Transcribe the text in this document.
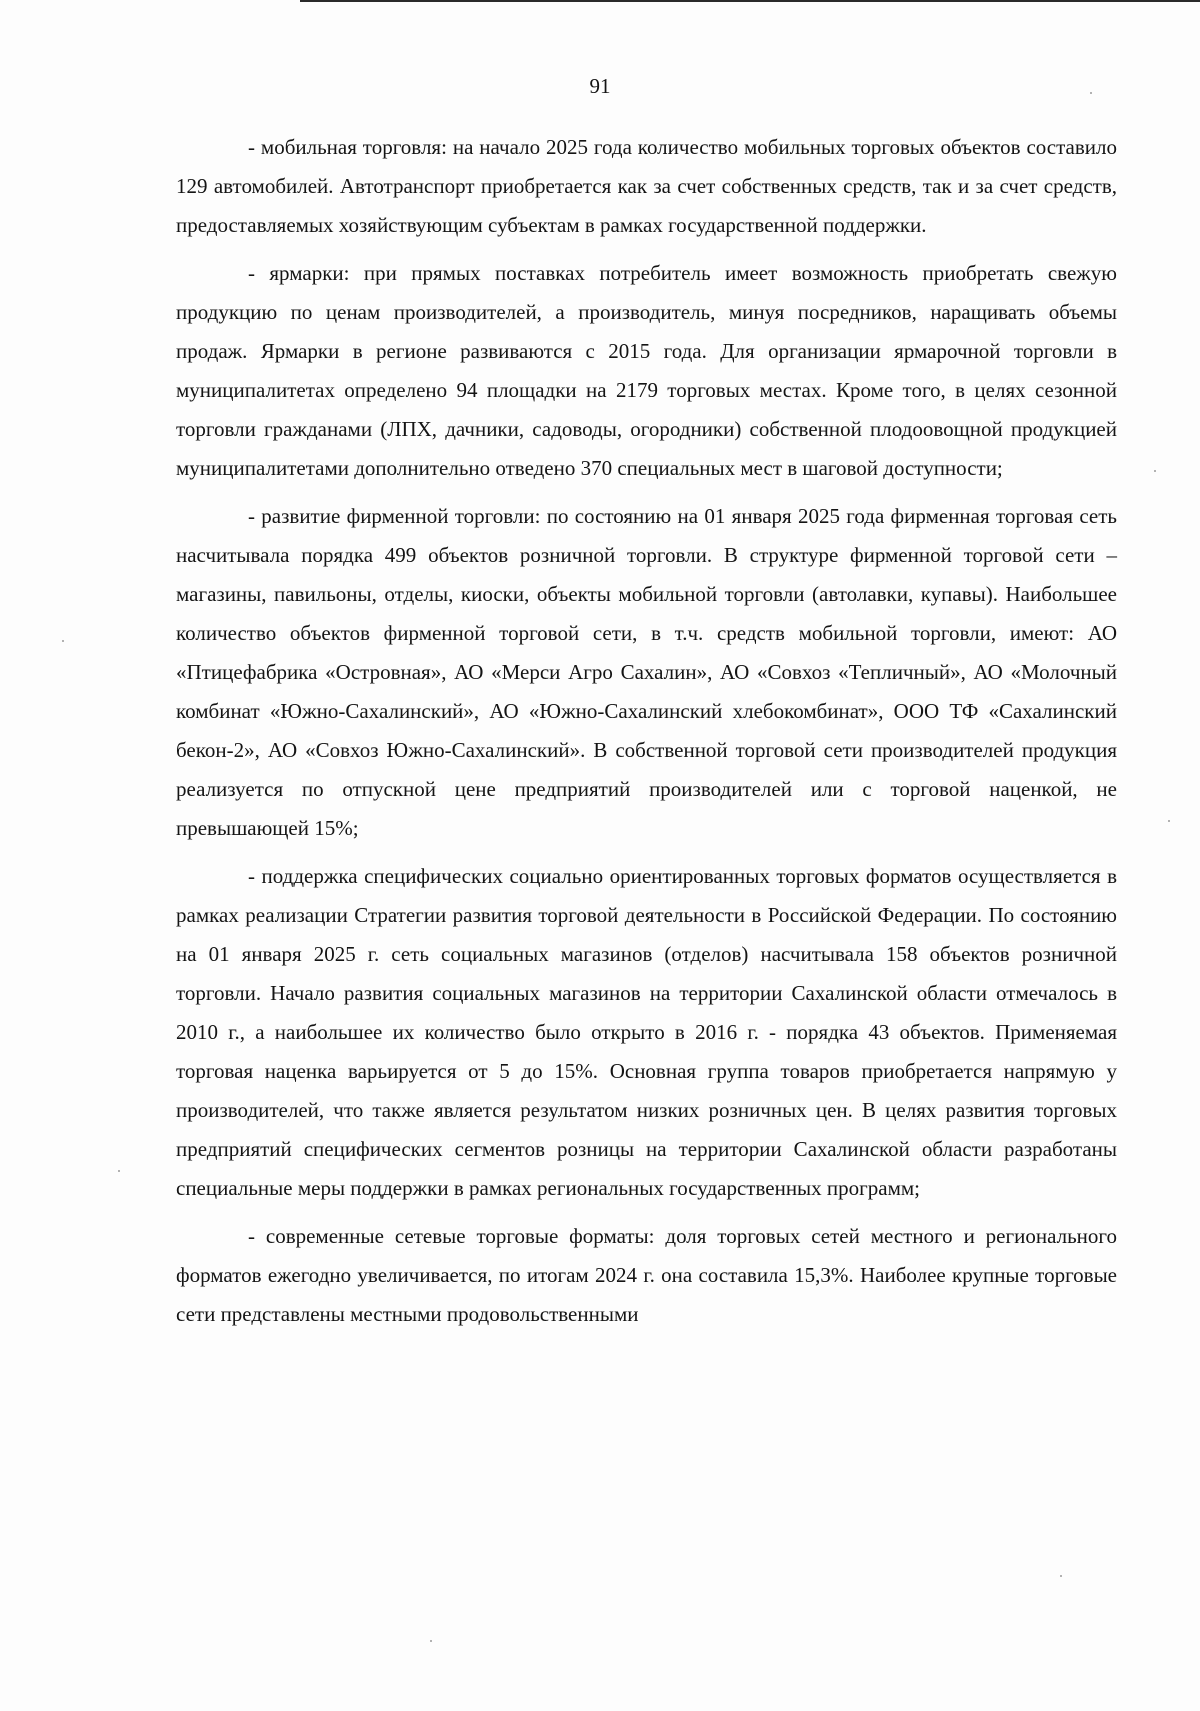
91

- мобильная торговля: на начало 2025 года количество мобильных торговых объектов составило 129 автомобилей. Автотранспорт приобретается как за счет собственных средств, так и за счет средств, предоставляемых хозяйствующим субъектам в рамках государственной поддержки.

- ярмарки: при прямых поставках потребитель имеет возможность приобретать свежую продукцию по ценам производителей, а производитель, минуя посредников, наращивать объемы продаж. Ярмарки в регионе развиваются с 2015 года. Для организации ярмарочной торговли в муниципалитетах определено 94 площадки на 2179 торговых местах. Кроме того, в целях сезонной торговли гражданами (ЛПХ, дачники, садоводы, огородники) собственной плодоовощной продукцией муниципалитетами дополнительно отведено 370 специальных мест в шаговой доступности;

- развитие фирменной торговли: по состоянию на 01 января 2025 года фирменная торговая сеть насчитывала порядка 499 объектов розничной торговли. В структуре фирменной торговой сети – магазины, павильоны, отделы, киоски, объекты мобильной торговли (автолавки, купавы). Наибольшее количество объектов фирменной торговой сети, в т.ч. средств мобильной торговли, имеют: АО «Птицефабрика «Островная», АО «Мерси Агро Сахалин», АО «Совхоз «Тепличный», АО «Молочный комбинат «Южно-Сахалинский», АО «Южно-Сахалинский хлебокомбинат», ООО ТФ «Сахалинский бекон-2», АО «Совхоз Южно-Сахалинский». В собственной торговой сети производителей продукция реализуется по отпускной цене предприятий производителей или с торговой наценкой, не превышающей 15%;

- поддержка специфических социально ориентированных торговых форматов осуществляется в рамках реализации Стратегии развития торговой деятельности в Российской Федерации. По состоянию на 01 января 2025 г. сеть социальных магазинов (отделов) насчитывала 158 объектов розничной торговли. Начало развития социальных магазинов на территории Сахалинской области отмечалось в 2010 г., а наибольшее их количество было открыто в 2016 г. - порядка 43 объектов. Применяемая торговая наценка варьируется от 5 до 15%. Основная группа товаров приобретается напрямую у производителей, что также является результатом низких розничных цен. В целях развития торговых предприятий специфических сегментов розницы на территории Сахалинской области разработаны специальные меры поддержки в рамках региональных государственных программ;

- современные сетевые торговые форматы: доля торговых сетей местного и регионального форматов ежегодно увеличивается, по итогам 2024 г. она составила 15,3%. Наиболее крупные торговые сети представлены местными продовольственными
